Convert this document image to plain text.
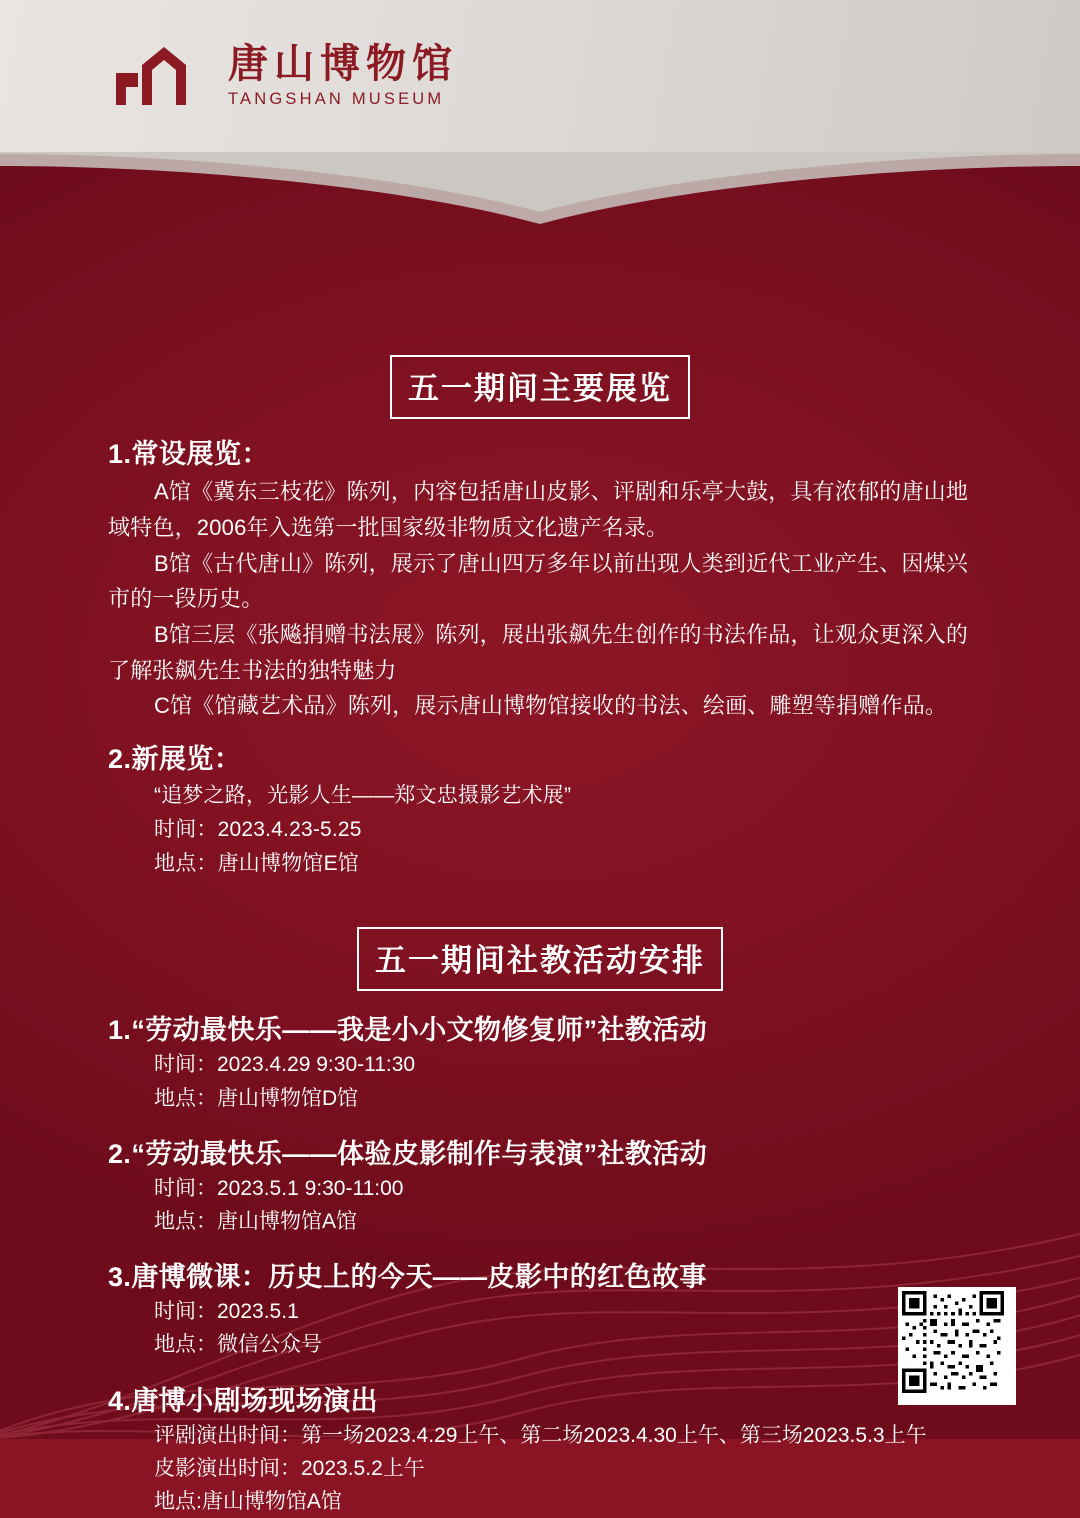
唐山博物馆
TANGSHAN MUSEUM
五一期间主要展览
1.常设展览：

A馆《冀东三枝花》陈列，内容包括唐山皮影、评剧和乐亭大鼓，具有浓郁的唐山地域特色，2006年入选第一批国家级非物质文化遗产名录。

B馆《古代唐山》陈列，展示了唐山四万多年以前出现人类到近代工业产生、因煤兴市的一段历史。

B馆三层《张飚捐赠书法展》陈列，展出张飙先生创作的书法作品，让观众更深入的了解张飙先生书法的独特魅力

C馆《馆藏艺术品》陈列，展示唐山博物馆接收的书法、绘画、雕塑等捐赠作品。

2.新展览：

“追梦之路，光影人生——郑文忠摄影艺术展”

时间：2023.4.23-5.25

地点：唐山博物馆E馆

五一期间社教活动安排
1.“劳动最快乐——我是小小文物修复师”社教活动
时间：2023.4.29 9:30-11:30
地点：唐山博物馆D馆
2.“劳动最快乐——体验皮影制作与表演”社教活动
时间：2023.5.1 9:30-11:00
地点：唐山博物馆A馆
3.唐博微课：历史上的今天——皮影中的红色故事
时间：2023.5.1
地点：微信公众号
4.唐博小剧场现场演出
评剧演出时间：第一场2023.4.29上午、第二场2023.4.30上午、第三场2023.5.3上午
皮影演出时间：2023.5.2上午
地点:唐山博物馆A馆
